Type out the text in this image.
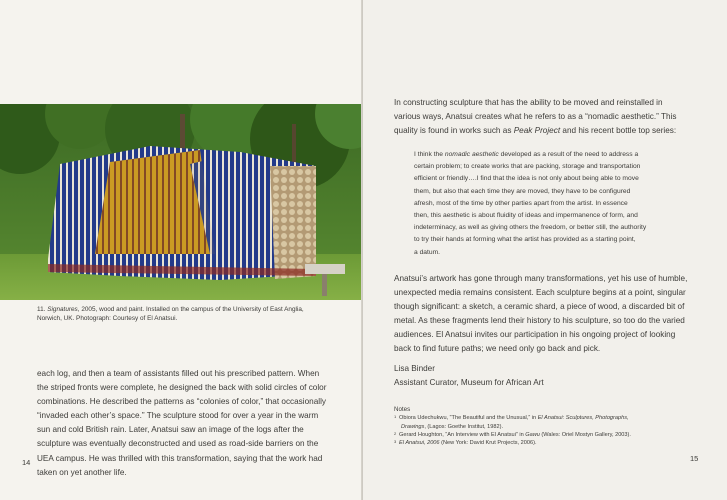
11. Signatures, 2005, wood and paint. Installed on the campus of the University of East Anglia,
Norwich, UK. Photograph: Courtesy of El Anatsui.

each log, and then a team of assistants filled out his prescribed pattern. When

the striped fronts were complete, he designed the back with solid circles of color

combinations. He described the patterns as “colonies of color,” that occasionally

“invaded each other’s space.” The sculpture stood for over a year in the warm

sun and cold British rain. Later, Anatsui saw an image of the logs after the

sculpture was eventually deconstructed and used as road-side barriers on the

UEA campus. He was thrilled with this transformation, saying that the work had

taken on yet another life.

14

In constructing sculpture that has the ability to be moved and reinstalled in

various ways, Anatsui creates what he refers to as a “nomadic aesthetic.” This

quality is found in works such as Peak Project and his recent bottle top series:

I think the nomadic aesthetic developed as a result of the need to address a

certain problem; to create works that are packing, storage and transportation

efficient or friendly….I find that the idea is not only about being able to move

them, but also that each time they are moved, they have to be configured

afresh, most of the time by other parties apart from the artist. In essence

then, this aesthetic is about fluidity of ideas and impermanence of form, and

indeterminacy, as well as giving others the freedom, or better still, the authority

to try their hands at forming what the artist has provided as a starting point,

a datum.

Anatsui’s artwork has gone through many transformations, yet his use of humble,

unexpected media remains consistent. Each sculpture begins at a point, singular

though significant: a sketch, a ceramic shard, a piece of wood, a discarded bit of

metal. As these fragments lend their history to his sculpture, so too do the varied

audiences. El Anatsui invites our participation in his ongoing project of looking

back to find future paths; we need only go back and pick.

Lisa Binder
Assistant Curator, Museum for African Art
Notes
1 Obiora Udechukwu, “The Beautiful and the Unusual,” in El Anatsui: Sculptures, Photographs,
Drawings, (Lagos: Goethe Institut, 1982).
2 Gerard Houghton, “An Interview with El Anatsui” in Gawu (Wales: Oriel Mostyn Gallery, 2003).
3 El Anatsui, 2006 (New York: David Krut Projects, 2006).
15
